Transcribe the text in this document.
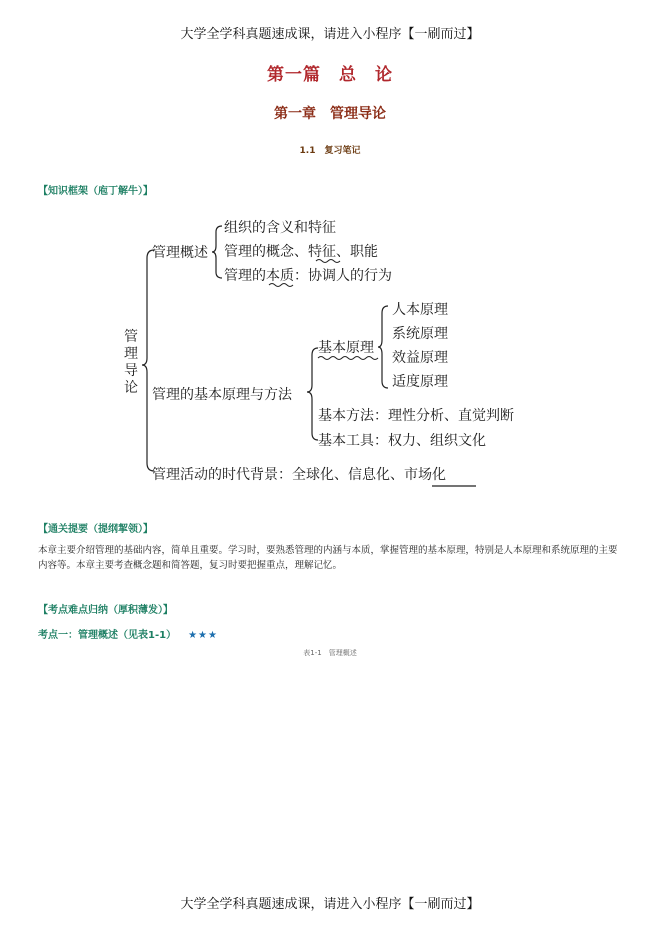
大学全学科真题速成课，请进入小程序【一刷而过】
第一篇　总　论
第一章　管理导论
1.1　复习笔记
【知识框架（庖丁解牛）】
管
理
导
论
管理概述
组织的含义和特征
管理的概念、特征、职能
管理的本质：协调人的行为
管理的基本原理与方法
基本原理
人本原理
系统原理
效益原理
适度原理
基本方法：理性分析、直觉判断
基本工具：权力、组织文化
管理活动的时代背景：全球化、信息化、市场化
【通关提要（提纲挈领）】
本章主要介绍管理的基础内容，简单且重要。学习时，要熟悉管理的内涵与本质，掌握管理的基本原理，特别是人本原理和系统原理的主要内容等。本章主要考查概念题和简答题，复习时要把握重点，理解记忆。
【考点难点归纳（厚积薄发）】
考点一：管理概述（见表1-1） ★★★
表1-1　管理概述
大学全学科真题速成课，请进入小程序【一刷而过】
